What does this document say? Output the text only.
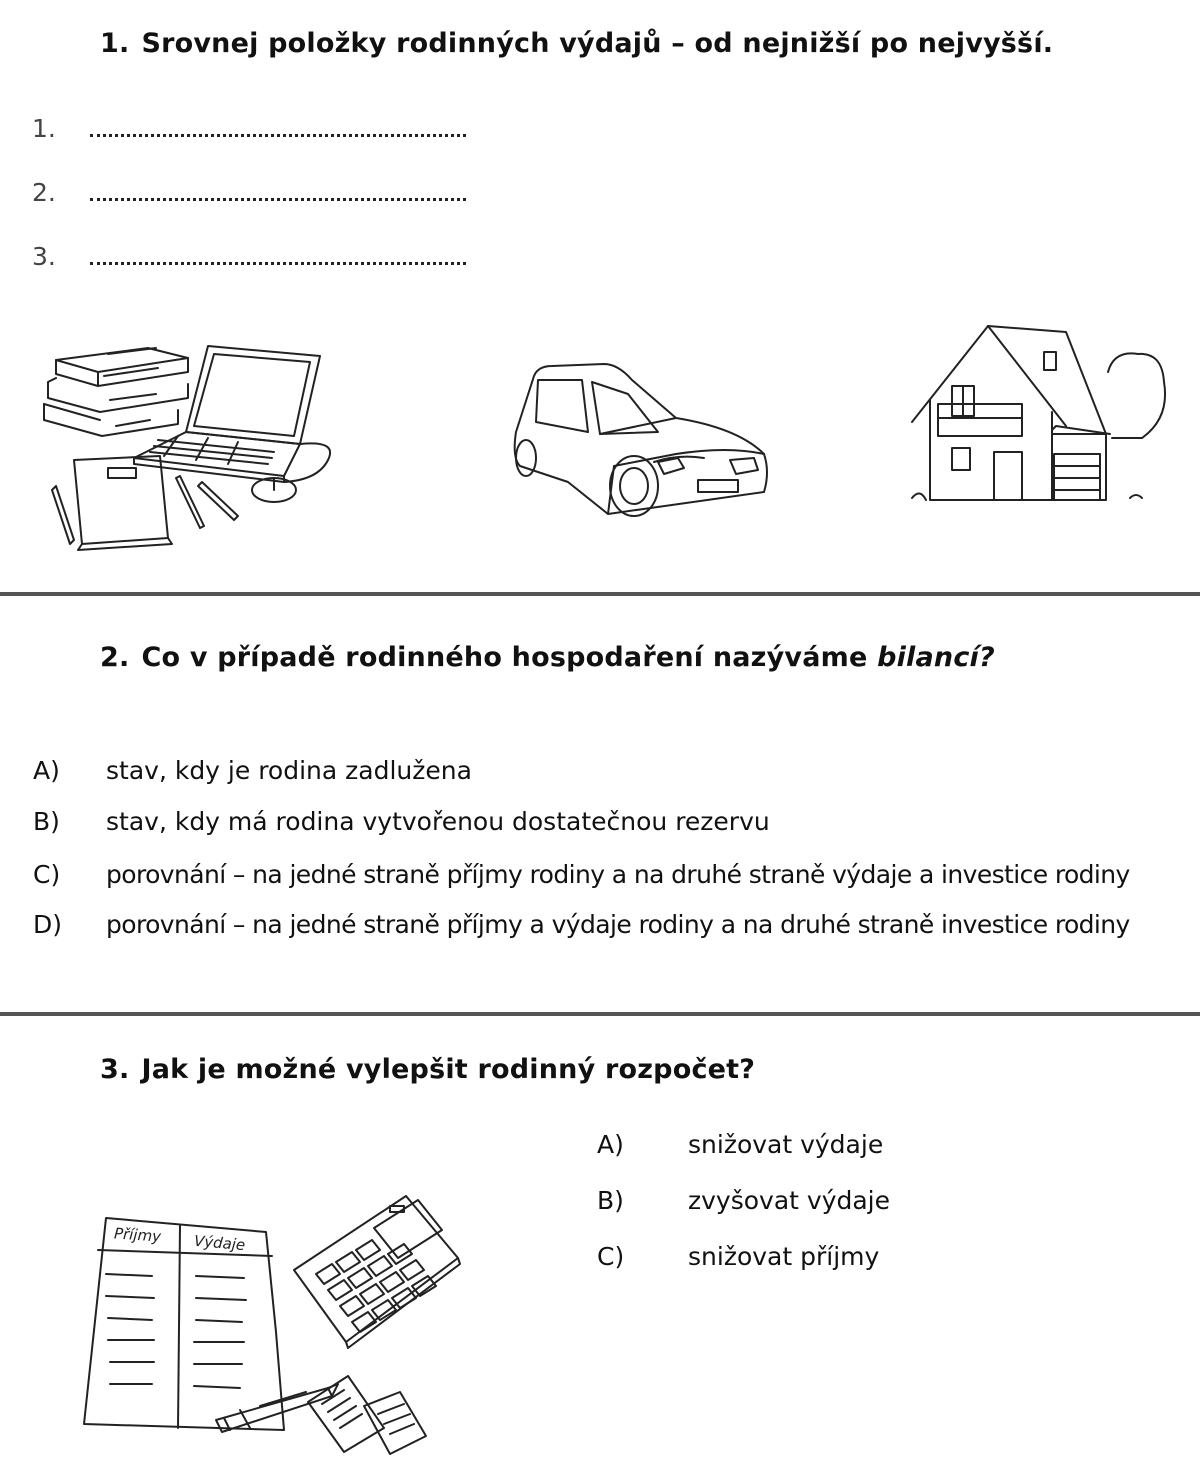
1. Srovnej položky rodinných výdajů – od nejnižší po nejvyšší.
1.
2.
3.
2. Co v případě rodinného hospodaření nazýváme bilancí?
A) stav, kdy je rodina zadlužena
B) stav, kdy má rodina vytvořenou dostatečnou rezervu
C) porovnání – na jedné straně příjmy rodiny a na druhé straně výdaje a investice rodiny
D) porovnání – na jedné straně příjmy a výdaje rodiny a na druhé straně investice rodiny
3. Jak je možné vylepšit rodinný rozpočet?
A)	snižovat výdaje
B)	zvyšovat výdaje
C)	snižovat příjmy
Příjmy Výdaje
